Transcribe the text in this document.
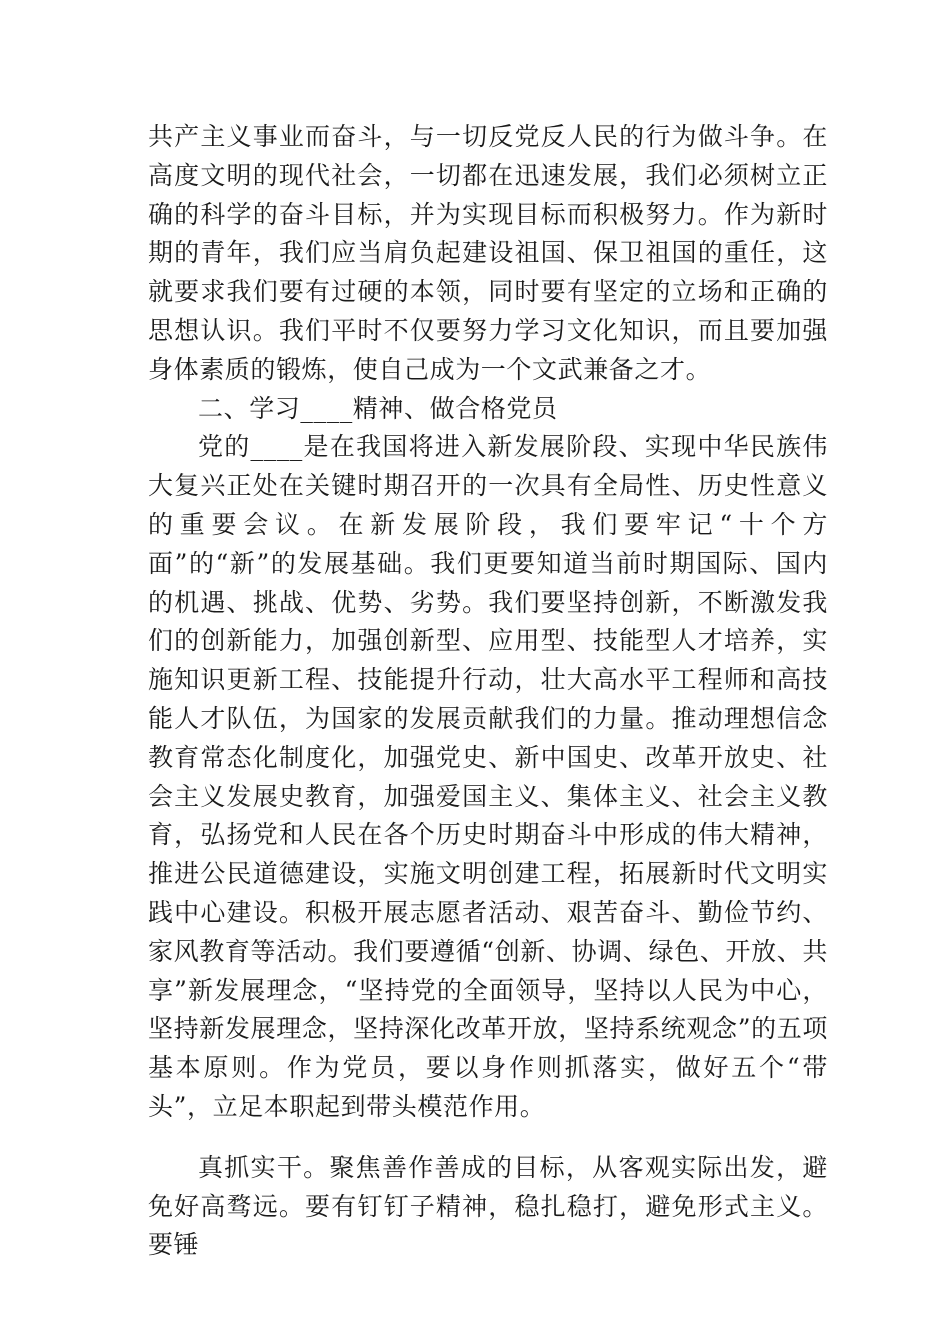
共产主义事业而奋斗，与一切反党反人民的行为做斗争。在高度文明的现代社会，一切都在迅速发展，我们必须树立正确的科学的奋斗目标，并为实现目标而积极努力。作为新时期的青年，我们应当肩负起建设祖国、保卫祖国的重任，这就要求我们要有过硬的本领，同时要有坚定的立场和正确的思想认识。我们平时不仅要努力学习文化知识，而且要加强身体素质的锻炼，使自己成为一个文武兼备之才。

二、学习____精神、做合格党员

党的____是在我国将进入新发展阶段、实现中华民族伟大复兴正处在关键时期召开的一次具有全局性、历史性意义的重要会议。在新发展阶段，我们要牢记“十个方面”的“新”的发展基础。我们更要知道当前时期国际、国内的机遇、挑战、优势、劣势。我们要坚持创新，不断激发我们的创新能力，加强创新型、应用型、技能型人才培养，实施知识更新工程、技能提升行动，壮大高水平工程师和高技能人才队伍，为国家的发展贡献我们的力量。推动理想信念教育常态化制度化，加强党史、新中国史、改革开放史、社会主义发展史教育，加强爱国主义、集体主义、社会主义教育，弘扬党和人民在各个历史时期奋斗中形成的伟大精神，推进公民道德建设，实施文明创建工程，拓展新时代文明实践中心建设。积极开展志愿者活动、艰苦奋斗、勤俭节约、家风教育等活动。我们要遵循“创新、协调、绿色、开放、共享”新发展理念，“坚持党的全面领导，坚持以人民为中心，坚持新发展理念，坚持深化改革开放，坚持系统观念”的五项基本原则。作为党员，要以身作则抓落实，做好五个“带头”，立足本职起到带头模范作用。

真抓实干。聚焦善作善成的目标，从客观实际出发，避免好高骛远。要有钉钉子精神，稳扎稳打，避免形式主义。要锤
